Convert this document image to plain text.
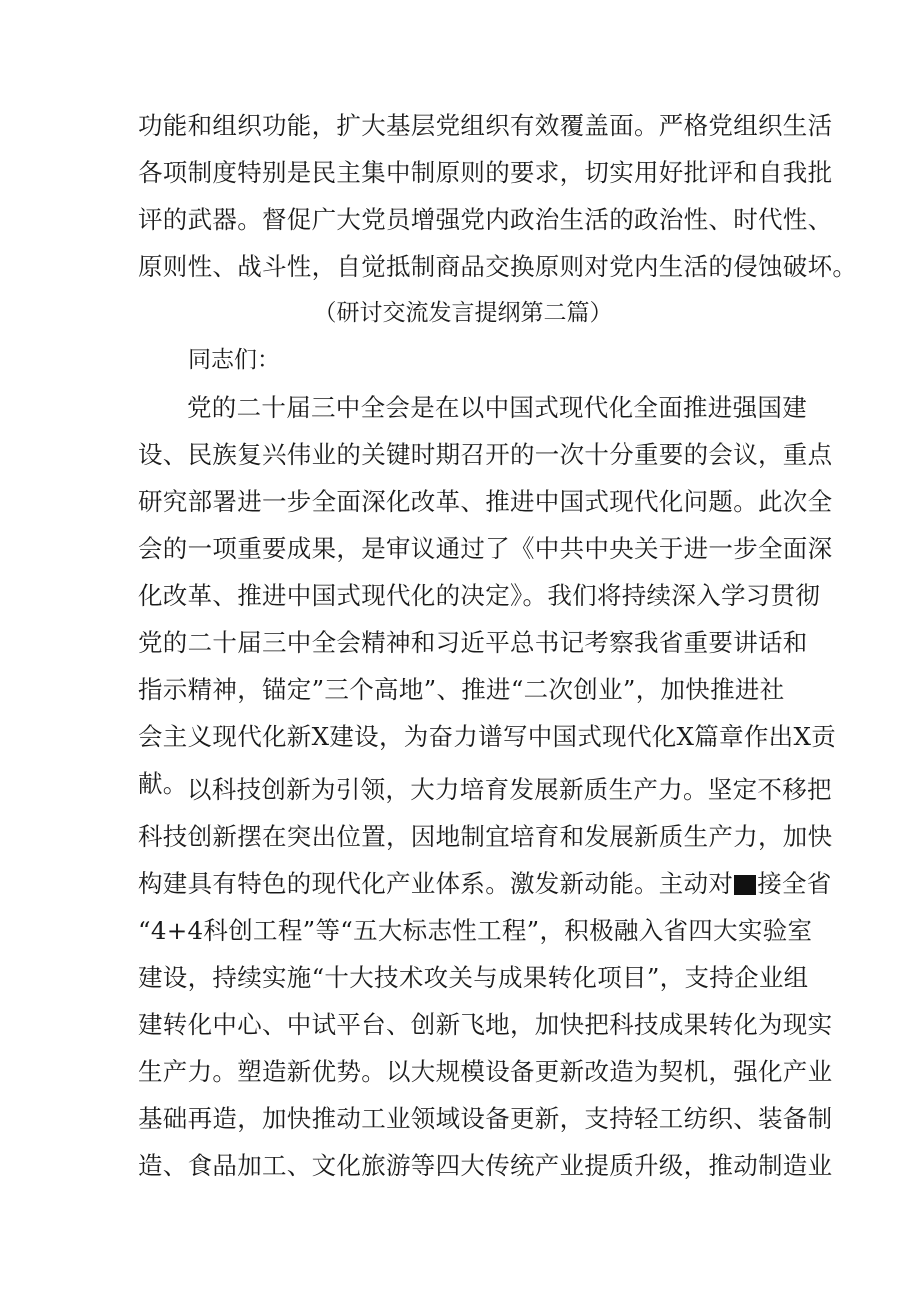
功能和组织功能，扩大基层党组织有效覆盖面。严格党组织生活
各项制度特别是民主集中制原则的要求，切实用好批评和自我批
评的武器。督促广大党员增强党内政治生活的政治性、时代性、
原则性、战斗性，自觉抵制商品交换原则对党内生活的侵蚀破坏。
（研讨交流发言提纲第二篇）
同志们：
党的二十届三中全会是在以中国式现代化全面推进强国建
设、民族复兴伟业的关键时期召开的一次十分重要的会议，重点
研究部署进一步全面深化改革、推进中国式现代化问题。此次全
会的一项重要成果，是审议通过了《中共中央关于进一步全面深
化改革、推进中国式现代化的决定》。我们将持续深入学习贯彻
党的二十届三中全会精神和习近平总书记考察我省重要讲话和
指示精神，锚定”三个高地”、推进“二次创业”，加快推进社
会主义现代化新X建设，为奋力谱写中国式现代化X篇章作出X贡
献。 以科技创新为引领，大力培育发展新质生产力。坚定不移把
科技创新摆在突出位置，因地制宜培育和发展新质生产力，加快
构建具有特色的现代化产业体系。激发新动能。主动对 接全省
“4+4科创工程”等“五大标志性工程”，积极融入省四大实验室
建设，持续实施“十大技术攻关与成果转化项目”，支持企业组
建转化中心、中试平台、创新飞地，加快把科技成果转化为现实
生产力。塑造新优势。以大规模设备更新改造为契机，强化产业
基础再造，加快推动工业领域设备更新，支持轻工纺织、装备制
造、食品加工、文化旅游等四大传统产业提质升级，推动制造业
